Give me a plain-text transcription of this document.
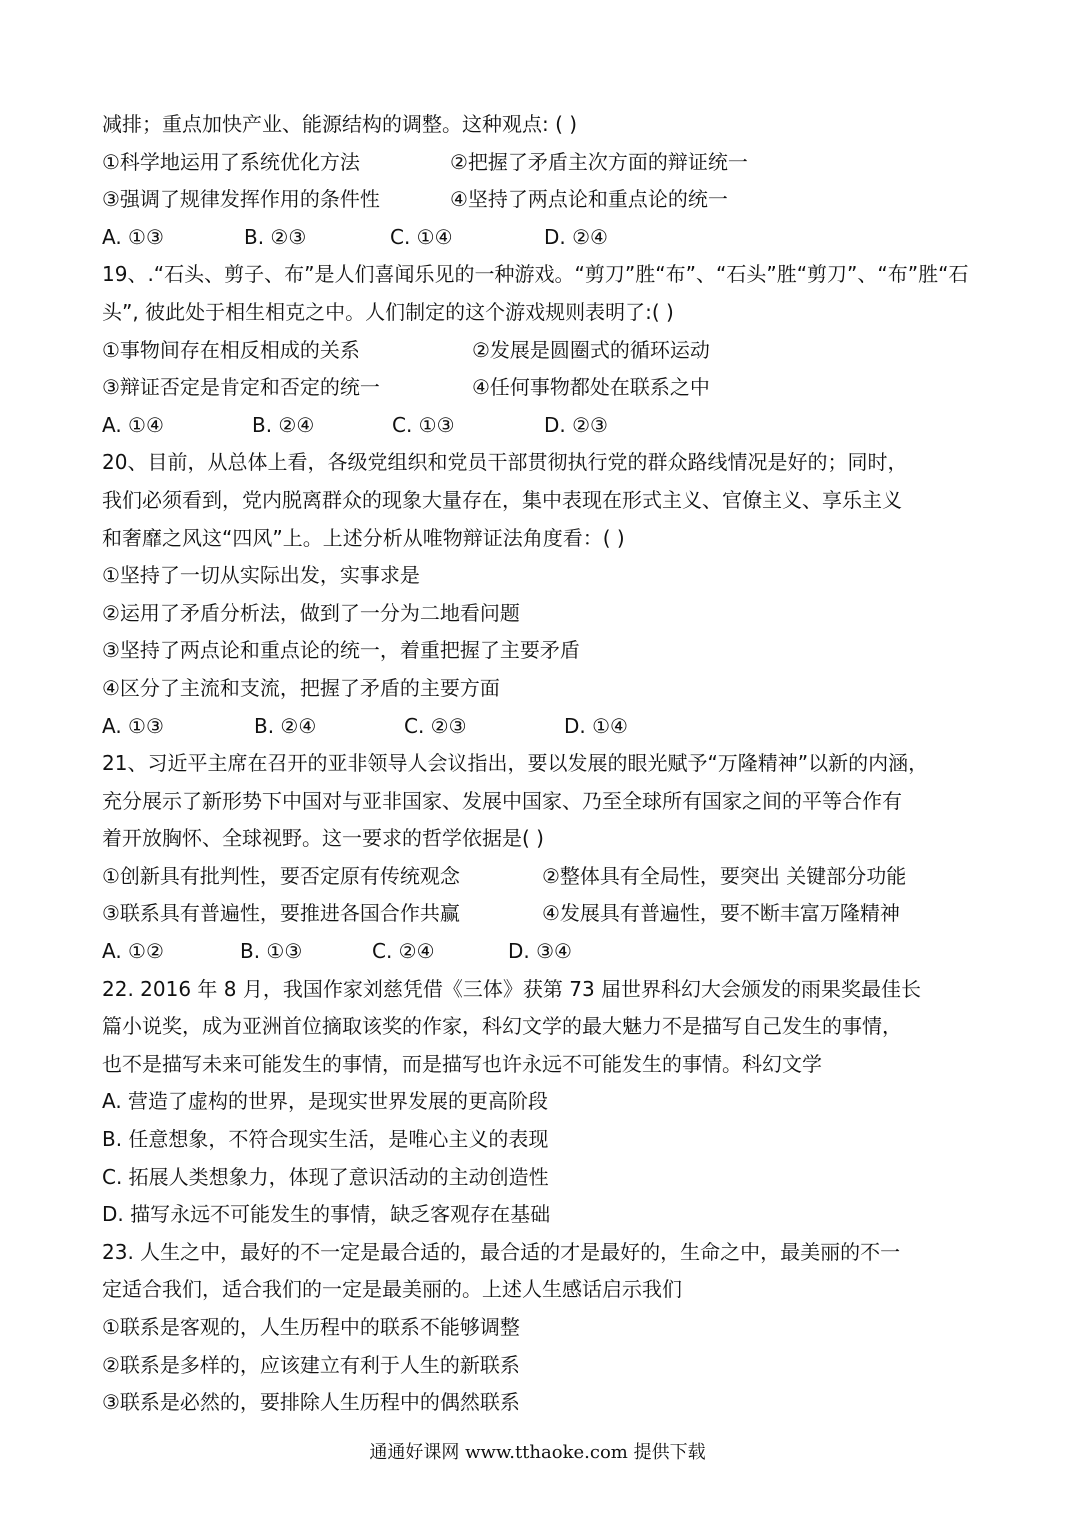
减排；重点加快产业、能源结构的调整。这种观点: ( )
①科学地运用了系统优化方法	②把握了矛盾主次方面的辩证统一
③强调了规律发挥作用的条件性	④坚持了两点论和重点论的统一
A. ①③	B. ②③	C. ①④	D. ②④
19、.“石头、剪子、布”是人们喜闻乐见的一种游戏。“剪刀”胜“布”、“石头”胜“剪刀”、“布”胜“石
头”, 彼此处于相生相克之中。人们制定的这个游戏规则表明了:( )
①事物间存在相反相成的关系	②发展是圆圈式的循环运动
③辩证否定是肯定和否定的统一	④任何事物都处在联系之中
A. ①④	B. ②④	C. ①③	D. ②③
20、目前，从总体上看，各级党组织和党员干部贯彻执行党的群众路线情况是好的；同时，
我们必须看到，党内脱离群众的现象大量存在，集中表现在形式主义、官僚主义、享乐主义
和奢靡之风这“四风”上。上述分析从唯物辩证法角度看：( )
①坚持了一切从实际出发，实事求是
②运用了矛盾分析法，做到了一分为二地看问题
③坚持了两点论和重点论的统一，着重把握了主要矛盾
④区分了主流和支流，把握了矛盾的主要方面
A. ①③	B. ②④	C. ②③	D. ①④
21、习近平主席在召开的亚非领导人会议指出，要以发展的眼光赋予“万隆精神”以新的内涵，
充分展示了新形势下中国对与亚非国家、发展中国家、乃至全球所有国家之间的平等合作有
着开放胸怀、全球视野。这一要求的哲学依据是( )
①创新具有批判性，要否定原有传统观念	②整体具有全局性，要突出 关键部分功能
③联系具有普遍性，要推进各国合作共赢	④发展具有普遍性，要不断丰富万隆精神
A. ①②	B. ①③	C. ②④	D. ③④
22. 2016 年 8 月，我国作家刘慈凭借《三体》获第 73 届世界科幻大会颁发的雨果奖最佳长
篇小说奖，成为亚洲首位摘取该奖的作家，科幻文学的最大魅力不是描写自己发生的事情，
也不是描写未来可能发生的事情，而是描写也许永远不可能发生的事情。科幻文学
A. 营造了虚构的世界，是现实世界发展的更高阶段
B. 任意想象，不符合现实生活，是唯心主义的表现
C. 拓展人类想象力，体现了意识活动的主动创造性
D. 描写永远不可能发生的事情，缺乏客观存在基础
23. 人生之中，最好的不一定是最合适的，最合适的才是最好的，生命之中，最美丽的不一
定适合我们，适合我们的一定是最美丽的。上述人生感话启示我们
①联系是客观的，人生历程中的联系不能够调整
②联系是多样的，应该建立有利于人生的新联系
③联系是必然的，要排除人生历程中的偶然联系
通通好课网 www.tthaoke.com 提供下载
